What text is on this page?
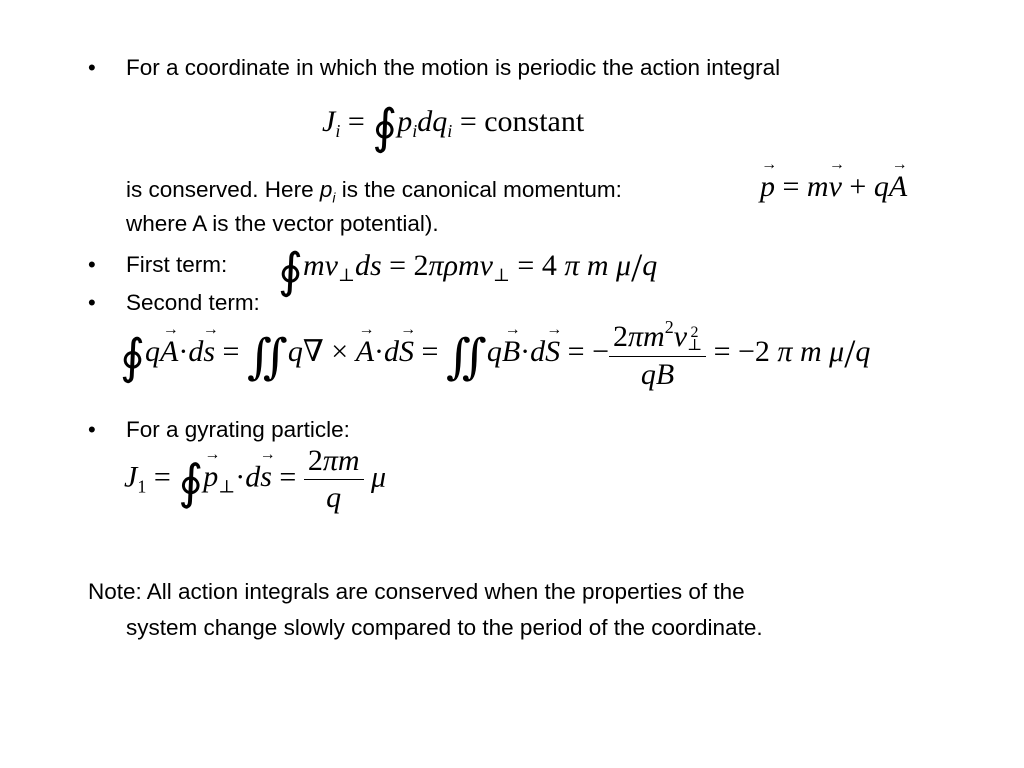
• For a coordinate in which the motion is periodic the action integral
$J_i$ = $∮p_idq_i$ = constant
is conserved. Here $p_i$ is the canonical momentum:
→	p = m→ v + q→ A
where A is the vector potential).
• First term: $∮mv_\perp ds = 2\pi\rho mv_\perp = 4$ π m μ/q
• Second term:
∮q→ A·d→ s = ∬q∇ × → A·d→ S = ∬q→ B·d→ S = − $2\pi m^2v$ 2
⊥
qB
= −2 π m μ/q
• For a gyrating particle:
$J_1$ = ∮→ $p_\perp\cdot d\to s = \frac{2\pi m}{q}$ μ
Note: All action integrals are conserved when the properties of the
system change slowly compared to the period of the coordinate.
